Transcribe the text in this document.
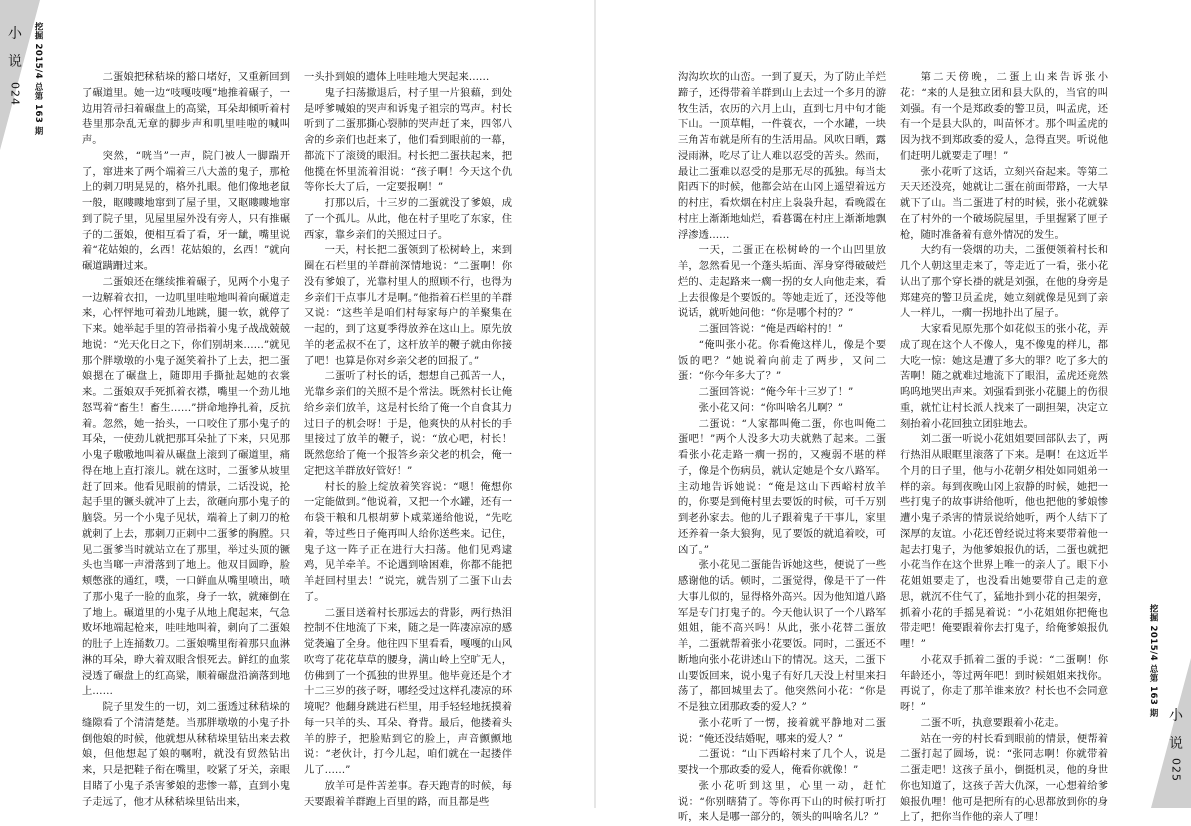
小 说
024 挖掘 2015/4 总第 163 期	二蛋娘把秫秸垛的豁口堵好，又重新回到了碾道里。她一边“吱嘎吱嘎”地推着碾子，一边用笤帚扫着碾盘上的高粱，耳朵却倾听着村巷里那杂乱无章的脚步声和叽里哇啦的喊叫声。

突然，“咣当”一声，院门被人一脚踹开了，窜进来了两个端着三八大盖的鬼子，那枪上的刺刀明晃晃的，格外扎眼。他们像地老鼠一般，眍瞜瞜地窜到了屋子里，又眍瞜瞜地窜到了院子里，见屋里屋外没有旁人，只有推碾子的二蛋娘，便相互看了看，牙一龇，嘴里说着“花姑娘的，幺西！花姑娘的，幺西！”就向碾道蹒跚过来。

二蛋娘还在继续推着碾子，见两个小鬼子一边解着衣扣，一边叽里哇啦地叫着向碾道走来，心怦怦地可着劲儿地跳，腿一软，就停了下来。她举起手里的笤帚指着小鬼子战战兢兢地说：“光天化日之下，你们别胡来……”就见那个胖墩墩的小鬼子涎笑着扑了上去，把二蛋娘摁在了碾盘上，随即用手撕扯起她的衣裳来。二蛋娘双手死抓着衣襟，嘴里一个劲儿地怒骂着“畜生！畜生……”拼命地挣扎着，反抗着。忽然，她一抬头，一口咬住了那小鬼子的耳朵，一使劲儿就把那耳朵扯了下来，只见那小鬼子嗷嗷地叫着从碾盘上滚到了碾道里，痛得在地上直打滚儿。就在这时，二蛋爹从坡里赶了回来。他看见眼前的情景，二话没说，抡起手里的镢头就冲了上去，欲砸向那小鬼子的脑袋。另一个小鬼子见状，端着上了刺刀的枪就刺了上去，那刺刀正刺中二蛋爹的胸膛。只见二蛋爹当时就站立在了那里，举过头顶的镢头也当啷一声滑落到了地上。他双目圆睁，脸颊憋涨的通红，噗，一口鲜血从嘴里喷出，喷了那小鬼子一脸的血浆，身子一软，就瘫倒在了地上。碾道里的小鬼子从地上爬起来，气急败坏地端起枪来，哇哇地叫着，刺向了二蛋娘的肚子上连捅数刀。二蛋娘嘴里衔着那只血淋淋的耳朵，睁大着双眼含恨死去。鲜红的血浆浸透了碾盘上的红高粱，顺着碾盘沿滴落到地上……

院子里发生的一切，刘二蛋透过秫秸垛的缝隙看了个清清楚楚。当那胖墩墩的小鬼子扑倒他娘的时候，他就想从秫秸垛里钻出来去救娘，但他想起了娘的嘱咐，就没有贸然钻出来，只是把鞋子衔在嘴里，咬紧了牙关，亲眼目睹了小鬼子杀害爹娘的悲惨一幕，直到小鬼子走远了，他才从秫秸垛里钻出来，

一头扑到娘的遗体上哇哇地大哭起来……

鬼子扫荡撤退后，村子里一片狼藉，到处是呼爹喊娘的哭声和诉鬼子祖宗的骂声。村长听到了二蛋那撕心裂肺的哭声赶了来，四邻八舍的乡亲们也赶来了，他们看到眼前的一幕，都流下了滚烫的眼泪。村长把二蛋扶起来，把他揽在怀里流着泪说：“孩子啊！今天这个仇等你长大了后，一定要报啊！”

打那以后，十三岁的二蛋就没了爹娘，成了一个孤儿。从此，他在村子里吃了东家，住西家，靠乡亲们的关照过日子。

一天，村长把二蛋领到了松树岭上，来到圈在石栏里的羊群前深情地说：“二蛋啊！你没有爹娘了，光靠村里人的照顾不行，也得为乡亲们干点事儿才是啊。”他指着石栏里的羊群又说：“这些羊是咱们村每家每户的羊聚集在一起的，到了这夏季得放养在这山上。原先放羊的老孟叔不在了，这杆放羊的鞭子就由你接了吧！也算是你对乡亲父老的回报了。”

二蛋听了村长的话，想想自己孤苦一人，光靠乡亲们的关照不是个常法。既然村长让俺给乡亲们放羊，这是村长给了俺一个自食其力过日子的机会呀！于是，他爽快的从村长的手里接过了放羊的鞭子，说：“放心吧，村长！既然您给了俺一个报答乡亲父老的机会，俺一定把这羊群放好管好！”

村长的脸上绽放着笑容说：“嗯！俺想你一定能做到。”他说着，又把一个水罐，还有一布袋干粮和几根胡萝卜咸菜递给他说，“先吃着，等过些日子俺再叫人给你送些来。记住，鬼子这一阵子正在进行大扫荡。他们见鸡逮鸡，见羊牵羊。不论遇到啥困难，你都不能把羊赶回村里去！”说完，就告别了二蛋下山去了。

二蛋目送着村长那远去的背影，两行热泪控制不住地流了下来，随之是一阵凄凉凉的感觉袭遍了全身。他往四下里看看，嘎嘎的山风吹弯了花花草草的腰身，满山岭上空旷无人，仿佛到了一个孤独的世界里。他毕竟还是个才十二三岁的孩子呀，哪经受过这样孔凄凉的环境呢？他翻身跳进石栏里，用手轻轻地抚摸着每一只羊的头、耳朵、脊背。最后，他搂着头羊的脖子，把脸贴到它的脸上，声音颤颤地说：“老伙计，打今儿起，咱们就在一起搂伴儿了……”

放羊可是件苦差事。春天跑青的时候，每天要跟着羊群跑上百里的路，而且都是些

小 说
025
挖掘 2015/4 总第 163 期

沟沟坎坎的山峦。一到了夏天，为了防止羊烂蹄子，还得带着羊群到山上去过一个多月的游牧生活，农历的六月上山，直到七月中旬才能下山。一顶草帽，一件蓑衣，一个水罐，一块三角苫布就是所有的生活用品。风吹日晒，露浸雨淋，吃尽了让人难以忍受的苦头。然而，最让二蛋难以忍受的是那无尽的孤独。每当太阳西下的时候，他都会站在山冈上遥望着远方的村庄，看炊烟在村庄上袅袅升起，看晚霞在村庄上渐渐地灿烂，看暮霭在村庄上渐渐地飘浮渗透……

一天，二蛋正在松树岭的一个山凹里放羊，忽然看见一个蓬头垢面、浑身穿得破破烂烂的、走起路来一瘸一拐的女人向他走来，看上去很像是个要饭的。等她走近了，还没等他说话，就听她问他：“你是哪个村的？”

二蛋回答说：“俺是西峪村的！”

“俺叫张小花。你看俺这样儿，像是个要饭的吧？”她说着向前走了两步，又问二蛋：“你今年多大了？”

二蛋回答说：“俺今年十三岁了！”

张小花又问：“你叫啥名儿啊？”

二蛋说：“人家都叫俺二蛋，你也叫俺二蛋吧！”两个人没多大功夫就熟了起来。二蛋看张小花走路一瘸一拐的，又瘦弱不堪的样子，像是个伤病员，就认定她是个女八路军。主动地告诉她说：“俺是这山下西峪村放羊的，你要是到俺村里去要饭的时候，可千万别到老孙家去。他的儿子跟着鬼子干事儿，家里还养着一条大狼狗，见了要饭的就追着咬，可凶了。”

张小花见二蛋能告诉她这些，便说了一些感谢他的话。顿时，二蛋觉得，像是干了一件大事儿似的，显得格外高兴。因为他知道八路军是专门打鬼子的。今天他认识了一个八路军姐姐，能不高兴吗！从此，张小花替二蛋放羊，二蛋就帮着张小花要饭。同时，二蛋还不断地向张小花讲述山下的情况。这天，二蛋下山要饭回来，说小鬼子有好几天没上村里来扫荡了，都回城里去了。他突然问小花：“你是不是独立团那政委的爱人？”

张小花听了一愣，接着就平静地对二蛋说：“俺还没结婚呢，哪来的爱人？”

二蛋说：“山下西峪村来了几个人，说是要找一个那政委的爱人，俺看你就像！”

张小花听到这里，心里一动，赶忙说：“你别瞎猜了。等你再下山的时候打听打听，来人是哪一部分的，领头的叫啥名儿？”

第二天傍晚，二蛋上山来告诉张小花：“来的人是独立团和县大队的，当官的叫刘强。有一个是郑政委的警卫员，叫孟虎，还有一个是县大队的，叫苗怀才。那个叫孟虎的因为找不到郑政委的爱人，急得直哭。听说他们赶明儿就要走了哩！”

张小花听了这话，立刻兴奋起来。等第二天天还没亮，她就让二蛋在前面带路，一大早就下了山。当二蛋进了村的时候，张小花就躲在了村外的一个破场院屋里，手里握紧了匣子枪，随时准备着有意外情况的发生。

大约有一袋烟的功夫，二蛋便领着村长和几个人朝这里走来了，等走近了一看，张小花认出了那个穿长褂的就是刘强，在他的身旁是郑建亮的警卫员孟虎，她立刻就像是见到了亲人一样儿，一瘸一拐地扑出了屋子。

大家看见原先那个如花似玉的张小花，弄成了现在这个人不像人，鬼不像鬼的样儿，都大吃一惊：她这是遭了多大的罪？吃了多大的苦啊！随之就难过地流下了眼泪，孟虎还竟然呜呜地哭出声来。刘强看到张小花腿上的伤很重，就忙让村长派人找来了一副担架，决定立刻抬着小花回独立团驻地去。

刘二蛋一听说小花姐姐要回部队去了，两行热泪从眼眶里滚落了下来。是啊！在这近半个月的日子里，他与小花朝夕相处如同姐弟一样的亲。每到夜晚山冈上寂静的时候，她把一些打鬼子的故事讲给他听，他也把他的爹娘惨遭小鬼子杀害的情景说给她听，两个人结下了深厚的友谊。小花还曾经说过将来要带着他一起去打鬼子，为他爹娘报仇的话，二蛋也就把小花当作在这个世界上唯一的亲人了。眼下小花姐姐要走了，也没看出她要带自己走的意思，就沉不住气了，猛地扑到小花的担架旁，抓着小花的手摇晃着说：“小花姐姐你把俺也带走吧！俺要跟着你去打鬼子，给俺爹娘报仇哩！”

小花双手抓着二蛋的手说：“二蛋啊！你年龄还小，等过两年吧！到时候姐姐来找你。再说了，你走了那羊谁来放？村长也不会同意呀！”

二蛋不听，执意要跟着小花走。

站在一旁的村长看到眼前的情景，便帮着二蛋打起了圆场，说：“张同志啊！你就带着二蛋走吧！这孩子虽小，倒挺机灵，他的身世你也知道了，这孩子苦大仇深，一心想着给爹娘报仇哩！他可是把所有的心思都放到你的身上了，把你当作他的亲人了哩！
